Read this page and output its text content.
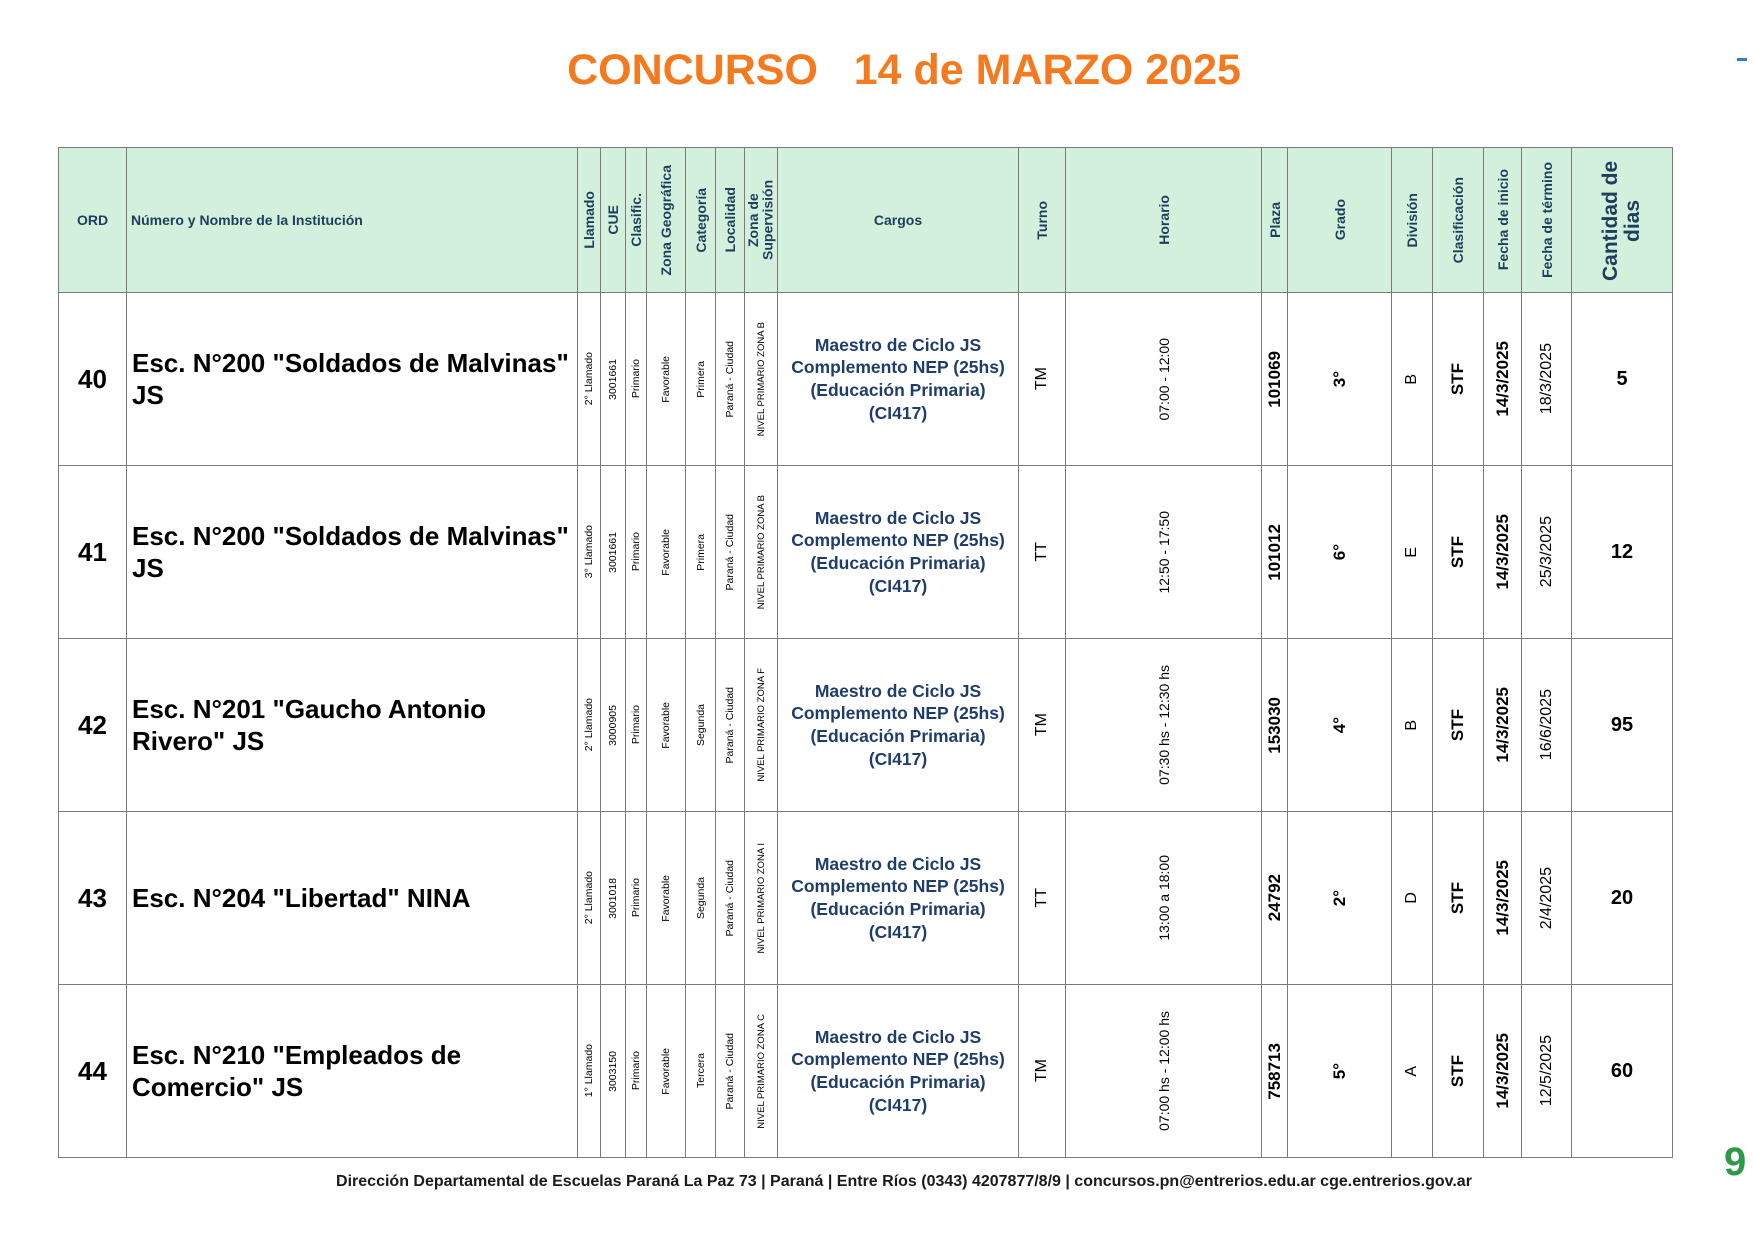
CONCURSO   14 de MARZO 2025
ORD	Número y Nombre de la Institución	Llamado	CUE	Clasific.	Zona Geográfica	Categoría	Localidad	Zona de Supervisión	Cargos	Turno	Horario	Plaza	Grado	División	Clasificación	Fecha de inicio	Fecha de término	Cantidad de dias

40	Esc. N°200 "Soldados de Malvinas" JS	2° Llamado	3001661	Primario	Favorable	Primera	Paraná - Ciudad	NIVEL PRIMARIO ZONA B	Maestro de Ciclo JS Complemento NEP (25hs) (Educación Primaria) (CI417)	TM	07:00 - 12:00	101069	3°	B	STF	14/3/2025	18/3/2025	5
41	Esc. N°200 "Soldados de Malvinas" JS	3° Llamado	3001661	Primario	Favorable	Primera	Paraná - Ciudad	NIVEL PRIMARIO ZONA B	Maestro de Ciclo JS Complemento NEP (25hs) (Educación Primaria) (CI417)	TT	12:50 - 17:50	101012	6°	E	STF	14/3/2025	25/3/2025	12
42	Esc. N°201 "Gaucho Antonio Rivero" JS	2° Llamado	3000905	Primario	Favorable	Segunda	Paraná - Ciudad	NIVEL PRIMARIO ZONA F	Maestro de Ciclo JS Complemento NEP (25hs) (Educación Primaria) (CI417)	TM	07:30 hs - 12:30 hs	153030	4°	B	STF	14/3/2025	16/6/2025	95
43	Esc. N°204 "Libertad" NINA	2° Llamado	3001018	Primario	Favorable	Segunda	Paraná - Ciudad	NIVEL PRIMARIO ZONA I	Maestro de Ciclo JS Complemento NEP (25hs) (Educación Primaria) (CI417)	TT	13:00 a 18:00	24792	2°	D	STF	14/3/2025	2/4/2025	20
44	Esc. N°210 "Empleados de Comercio" JS	1° Llamado	3003150	Primario	Favorable	Tercera	Paraná - Ciudad	NIVEL PRIMARIO ZONA C	Maestro de Ciclo JS Complemento NEP (25hs) (Educación Primaria) (CI417)	TM	07:00 hs - 12:00 hs	758713	5°	A	STF	14/3/2025	12/5/2025	60
Dirección Departamental de Escuelas Paraná La Paz 73 | Paraná | Entre Ríos (0343) 4207877/8/9 | concursos.pn@entrerios.edu.ar cge.entrerios.gov.ar	9
